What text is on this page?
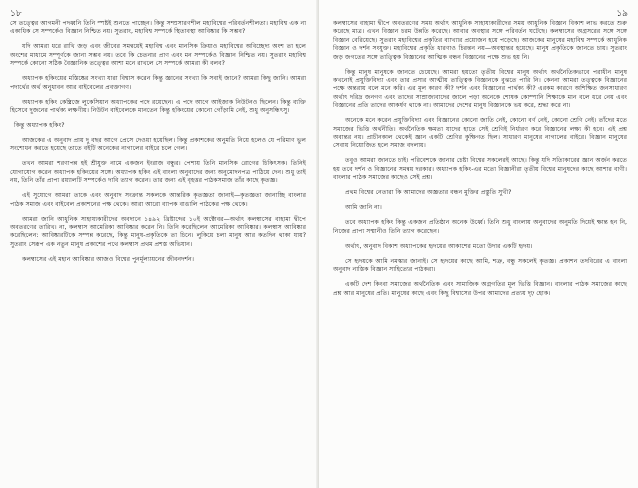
১৮

সে তত্ত্বের আগমনী পদধ্বনি তিনি স্পষ্টই শুনতে পাচ্ছেন। কিন্তু সম্প্রসারণশীল মহাবিশ্বের পরিবর্তনশীলতা। মহাবিশ্ব এক না একাধিক সে সম্পর্কেও বিজ্ঞান নিশ্চিত নয়। সুতরাং, মহাবিশ্ব সম্পর্কে স্থিতাবস্থা আবিষ্কার কি সম্ভব?

যদি আমরা ধরে রাখি জড় এবং জীবের সমন্বয়েই মহাবিশ্ব এবং মানসিক ক্রিয়াও মহাবিশ্বের অবিচ্ছেদ্য অংশ তা হলে অংশের মাধ্যমে সম্পূর্ণকে জানা সম্ভব নয়। তবে কি চেতনার প্রাণ এবং মন সম্পর্কেও বিজ্ঞান নিশ্চিত নয়। সুতরাং মহাবিশ্ব সম্পর্কে কোনো সঠিক বৈজ্ঞানিক তত্ত্বের আশা মনে রাখলে সে সম্পর্কে আমরা কী বলব?

অধ্যাপক হকিংয়ের মস্তিষ্কের সংখ্যা যারা বিশ্বাস করেন কিন্তু জ্ঞানের সংখ্যা কি সবাই জানে? আমরা কিছু জানি। আমরা পদার্থের অর্থ অনুধাবন আর বাইবেলের প্রবক্তাগণ।

অধ্যাপক হকিং কেম্ব্রিজে লুকেসিয়ান অধ্যাপকের পদে রয়েছেন। এ পদে আগে আইজাক নিউটনও ছিলেন। কিন্তু ব্যক্তি হিসেবে দুজনের পার্থক্য লক্ষণীয়। নিউটন বাইবেলকে মানতেন কিন্তু হকিংয়ের কোনো গোঁড়ামি নেই, শুধু অনুসন্ধিৎসু।

কিন্তু অধ্যাপক হকিং?

আজকের এ অনুবাদ প্রায় দু বছর আগে প্রেসে দেওয়া হয়েছিল। কিন্তু প্রকাশকের অনুমতি নিয়ে হলেও যে পরিমাণ ভুল সংশোধন করতে হয়েছে তাতে বইটি অনেকের নাগালের বাইরে চলে গেল।

তখন আমরা শরণাপন্ন হই শ্রীযুক্ত নামে একজন ইংরাজ বন্ধুর। পেশায় তিনি মানসিক রোগের চিকিৎসক। তিনিই যোগাযোগ করেন অধ্যাপক হকিংয়ের সঙ্গে। অধ্যাপক হকিং এই বাংলা অনুবাদের জন্য অনুমোদনপত্র পাঠিয়ে দেন। শুধু তাই নয়, তিনি তাঁর প্রাপ্য রয়্যালটি সম্পর্কেও দাবি ত্যাগ করেন। তার জন্য এই বৃহত্তর পাঠকসমাজ তাঁর কাছে কৃতজ্ঞ।

এই সুযোগে আমরা তাকে এবং অনুবাদ সংক্রান্ত সকলকে আন্তরিক কৃতজ্ঞতা জানাই—কৃতজ্ঞতা জানাচ্ছি বাংলার পাঠক সমাজ এবং বাইবেল প্রকাশনের পক্ষ থেকে। আরা আরো ব্যাপক বাঙালি পাঠকের পক্ষ থেকে।

আমরা জানি আধুনিক সাহায্যকারীদের অবদানে ১৪৯২ খ্রিষ্টাব্দের ১০ই অক্টোবর—অর্থাৎ কলম্বাসের বাহামা দ্বীপে অবতরণের তারিখ। না, কলম্বাস আমেরিকা আবিষ্কার করেন নি। তিনি করেছিলেন আমেরিকা আবিষ্কার। কলম্বাস আবিষ্কার করেছিলেন: আবিষ্কারটিকে সম্পন্ন করেছে, কিন্তু মানুষ-প্রকৃতিকে তা চিনে। লুকিয়ে চলা মানুষ আর কতদিন থাকা যায়? সুতরাং সেরূপ এক নতুন মানুষ প্রকাশের পথে কলম্বাস প্রথম প্রশস্ত অভিযান।

কলম্বাসের এই মহান আবিষ্কার আজও বিশ্বের পুনর্মূল্যায়নের জীবনদর্শন।

১৯

কলম্বাসের বাহামা দ্বীপে অবতরণের সময় অর্থাৎ আধুনিক সাহায্যকারীদের সময় আধুনিক বিজ্ঞান বিকাশ লাভ করতে শুরু করেছে মাত্র। এখন বিজ্ঞান চরম উন্নতি করেছে। আবার অবস্থার সঙ্গে পরিবর্তন ঘটেছে। কলম্বাসের অগ্রসরের সঙ্গে সঙ্গে বিজ্ঞান বেরিয়েছে। সুতরাং মহাবিশ্বের প্রকৃতির ব্যাখ্যার প্রয়োজন হয়ে পড়েছে। আজকের মানুষের মহাবিশ্ব সম্পর্কে আধুনিক বিজ্ঞান ও দর্শন সংযুক্ত। মহাবিশ্বের প্রকৃতি ধারণাও চিরন্তন নয়—অবস্থান্তর হয়েছে। মানুষ প্রকৃতিকে জানতে চায়। সুতরাং জড় জগতের সঙ্গে তাত্ত্বিক বিজ্ঞানের আত্মিক বন্ধন বিজ্ঞানের পক্ষে শুভ হয় নি।

কিন্তু মানুষ মানুষকে জানতে চেয়েছে। আমরা হয়তো তৃতীয় বিশ্বের মানুষ অর্থাৎ অর্থনৈতিকভাবে পরাধীন মানুষ কখনোই প্রযুক্তিবিদ্যা এবং তার প্রসার আত্মীয় তাত্ত্বিক বিজ্ঞানকে বুঝতে পারি নি। কেননা আমরা তত্ত্বকে বিজ্ঞানের পক্ষে অন্তরায় বলে মনে করি। এর মূল কারণ কী? দর্শন এবং বিজ্ঞানের পার্থক্য কী? এরকম কারণে অশিক্ষিত জনসাধারণ অর্থাৎ দরিদ্র জনগণ এবং তাদের সাম্রাজ্যবাদের জালে পড়া অনেকে শোষক কোম্পানি শিক্ষাকে মান বলে ধরে নেয় এবং বিজ্ঞানের প্রতি তাদের আকর্ষণ থাকে না। আমাদের দেশের মানুষ বিজ্ঞানকে ভয় করে, শ্রদ্ধা করে না।

অনেকে মনে করেন প্রযুক্তিবিদ্যা এবং বিজ্ঞানের কোনো জাতি নেই, কোনো বর্ণ নেই, কোনো শ্রেণি নেই। তাঁদের মতে সমাজের ভিত্তি অর্থনীতি। অর্থনৈতিক ক্ষমতা যাদের হাতে সেই শ্রেণিই নির্ধারণ করে বিজ্ঞানের লক্ষ্য কী হবে। এই প্রশ্ন অবান্তর নয়। প্রাচীনকাল থেকেই জ্ঞান একটি শ্রেণির কুক্ষিগত ছিল। সাধারণ মানুষের নাগালের বাইরে। বিজ্ঞান মানুষের সেবায় নিয়োজিত হলে সমাজ বদলায়।

তবুও আমরা জানতে চাই। পরিবেশকে জানার চেষ্টা বিশ্বের সকলেরই আছে। কিন্তু যদি সত্যিকারের জ্ঞান অর্জন করতে হয় তবে দর্শন ও বিজ্ঞানের সমন্বয় দরকার। অধ্যাপক হকিং-এর মতো বিজ্ঞানীরা তৃতীয় বিশ্বের মানুষদের কাছে আশার বাণী। বাংলার পাঠক সমাজের কাছেও সেই প্রশ্ন।

প্রথম বিশ্বের নেতারা কি আমাদের অজ্ঞতার বন্ধন মুক্তির প্রস্তুতি সুখী?

আমি জানি না।

তবে অধ্যাপক হকিং কিন্তু একজন প্রতিষ্ঠান অনেক উর্ধ্বে। তিনি শুধু বাংলায় অনুবাদের অনুমতি দিয়েই ক্ষান্ত হন নি, নিজের প্রাপ্য সম্মানীও তিনি ত্যাগ করেছেন।

অর্থাৎ, অনুবাদ বিকাশ অধ্যাপকের হৃদয়ের আকাশের মতো উদার একটি হৃদয়।

সে হৃদয়কে আমি নমস্কার জানাই। সে হৃদয়ের কাছে আমি, শত্রু, বন্ধু সকলেই কৃতজ্ঞ। প্রকাশন তদবিরের এ বাংলা অনুবাদ নাস্তিক বিজ্ঞান সাহিত্যের পাঠকরা।

একটি দেশ কিংবা সমাজের অর্থনৈতিক এবং সামাজিক অগ্রগতির মূল ভিত্তি বিজ্ঞান। বাংলার পাঠক সমাজের কাছে প্রশ্ন আর মানুষের প্রতি। মানুষের কাছে এবং কিছু বিশ্বাসের উপর আমাদের প্রত্যয় দৃঢ় হোক।
